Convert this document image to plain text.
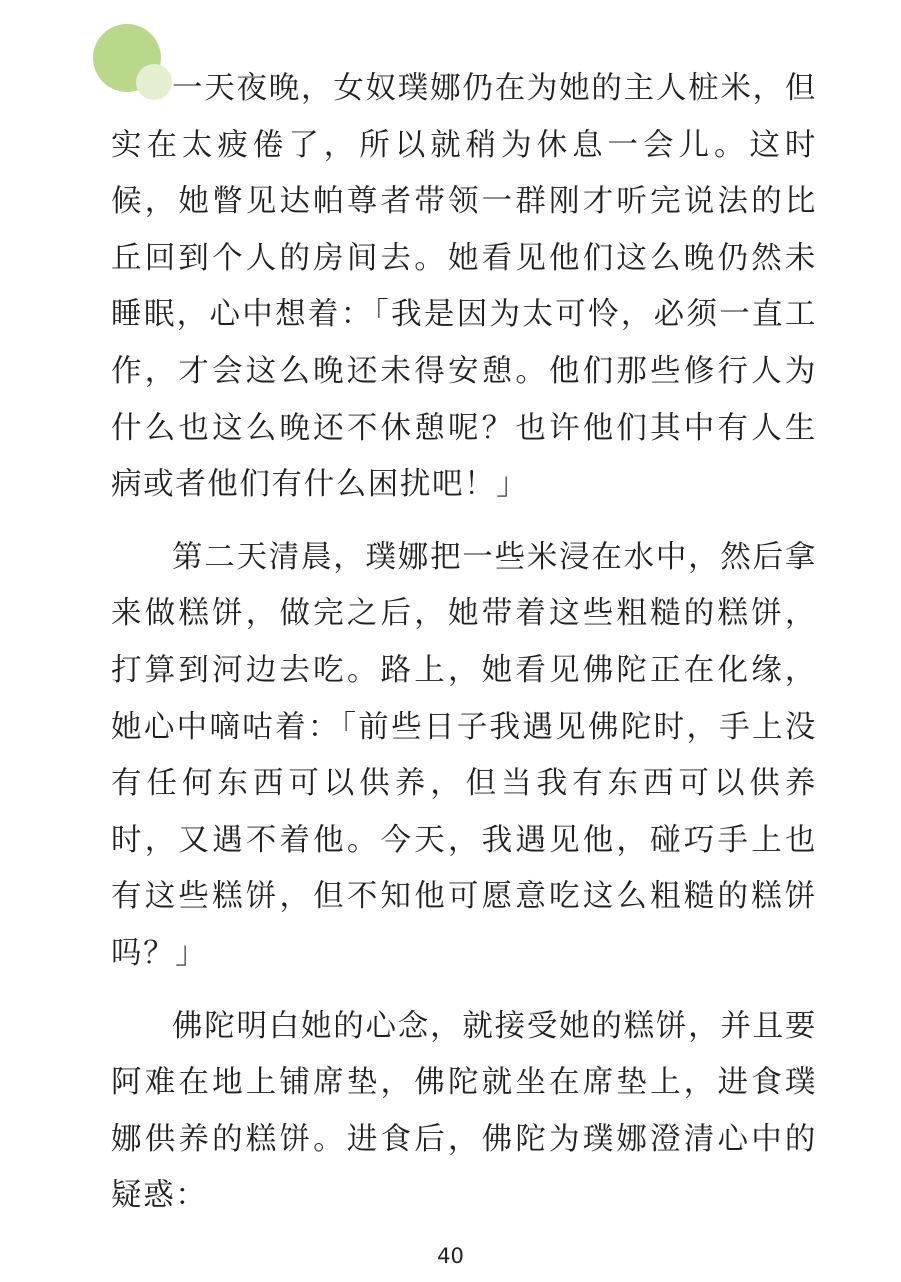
一天夜晚，女奴璞娜仍在为她的主人桩米，但实在太疲倦了，所以就稍为休息一会儿。这时候，她瞥见达帕尊者带领一群刚才听完说法的比丘回到个人的房间去。她看见他们这么晚仍然未睡眠，心中想着：「我是因为太可怜，必须一直工作，才会这么晚还未得安憩。他们那些修行人为什么也这么晚还不休憩呢？也许他们其中有人生病或者他们有什么困扰吧！」

第二天清晨，璞娜把一些米浸在水中，然后拿来做糕饼，做完之后，她带着这些粗糙的糕饼，打算到河边去吃。路上，她看见佛陀正在化缘，她心中嘀咕着：「前些日子我遇见佛陀时，手上没有任何东西可以供养，但当我有东西可以供养时，又遇不着他。今天，我遇见他，碰巧手上也有这些糕饼，但不知他可愿意吃这么粗糙的糕饼吗？」

佛陀明白她的心念，就接受她的糕饼，并且要阿难在地上铺席垫，佛陀就坐在席垫上，进食璞娜供养的糕饼。进食后，佛陀为璞娜澄清心中的疑惑：

40
